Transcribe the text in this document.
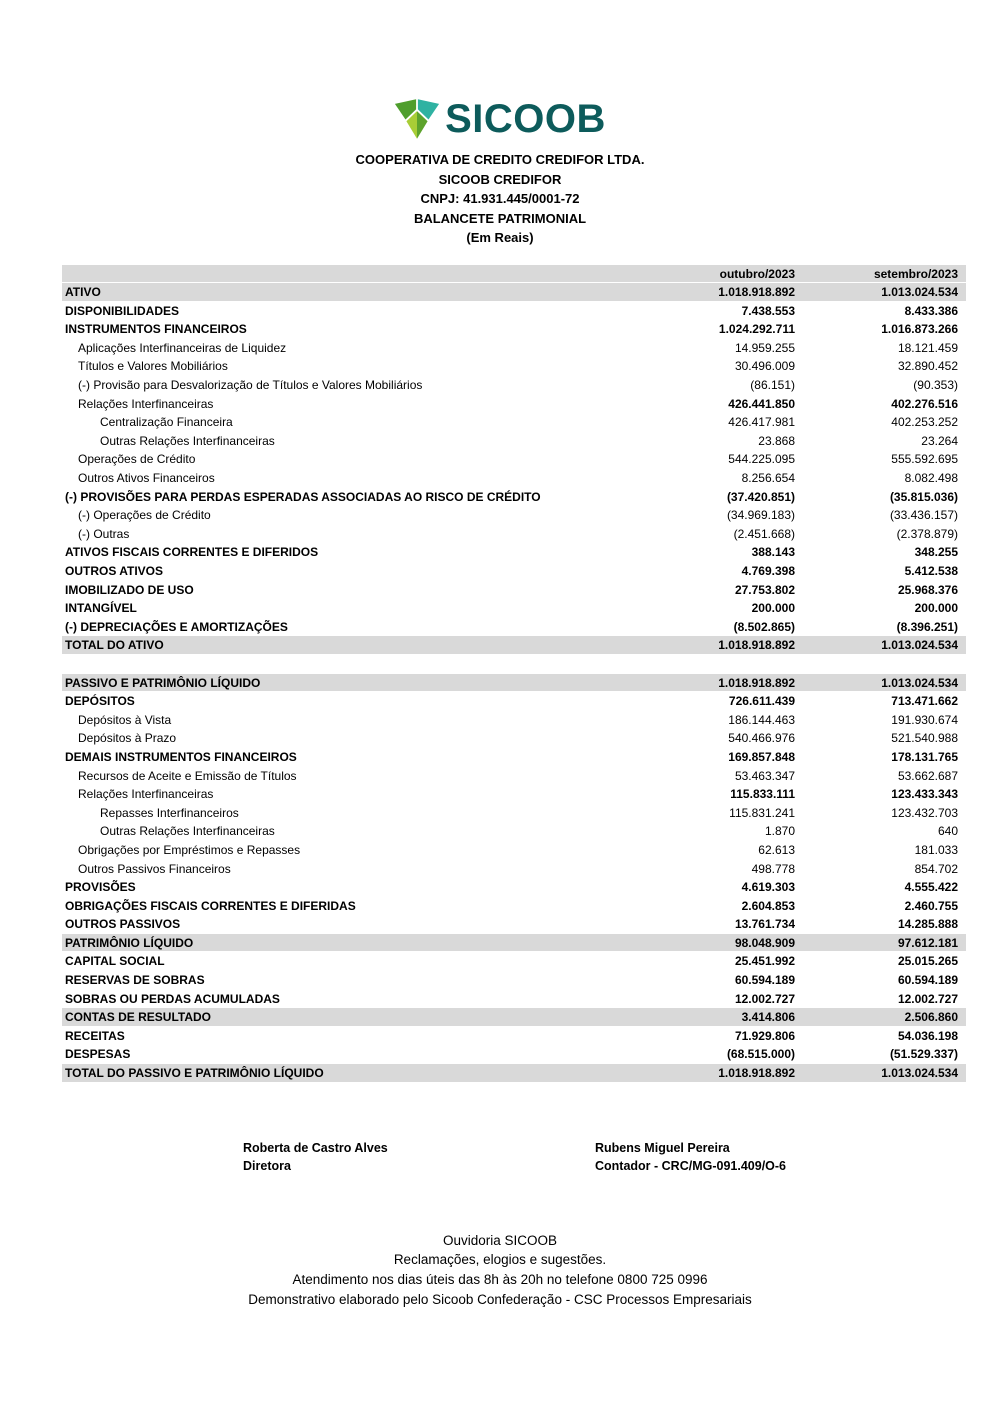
SICOOB
COOPERATIVA DE CREDITO CREDIFOR LTDA.
SICOOB CREDIFOR
CNPJ: 41.931.445/0001-72
BALANCETE PATRIMONIAL
(Em Reais)
outubro/2023	setembro/2023
ATIVO	1.018.918.892	1.013.024.534
DISPONIBILIDADES	7.438.553	8.433.386
INSTRUMENTOS FINANCEIROS	1.024.292.711	1.016.873.266
Aplicações Interfinanceiras de Liquidez	14.959.255	18.121.459
Títulos e Valores Mobiliários	30.496.009	32.890.452
(-) Provisão para Desvalorização de Títulos e Valores Mobiliários	(86.151)	(90.353)
Relações Interfinanceiras	426.441.850	402.276.516
Centralização Financeira	426.417.981	402.253.252
Outras Relações Interfinanceiras	23.868	23.264
Operações de Crédito	544.225.095	555.592.695
Outros Ativos Financeiros	8.256.654	8.082.498
(-) PROVISÕES PARA PERDAS ESPERADAS ASSOCIADAS AO RISCO DE CRÉDITO	(37.420.851)	(35.815.036)
(-) Operações de Crédito	(34.969.183)	(33.436.157)
(-) Outras	(2.451.668)	(2.378.879)
ATIVOS FISCAIS CORRENTES E DIFERIDOS	388.143	348.255
OUTROS ATIVOS	4.769.398	5.412.538
IMOBILIZADO DE USO	27.753.802	25.968.376
INTANGÍVEL	200.000	200.000
(-) DEPRECIAÇÕES E AMORTIZAÇÕES	(8.502.865)	(8.396.251)
TOTAL DO ATIVO	1.018.918.892	1.013.024.534
PASSIVO E PATRIMÔNIO LÍQUIDO	1.018.918.892	1.013.024.534
DEPÓSITOS	726.611.439	713.471.662
Depósitos à Vista	186.144.463	191.930.674
Depósitos à Prazo	540.466.976	521.540.988
DEMAIS INSTRUMENTOS FINANCEIROS	169.857.848	178.131.765
Recursos de Aceite e Emissão de Títulos	53.463.347	53.662.687
Relações Interfinanceiras	115.833.111	123.433.343
Repasses Interfinanceiros	115.831.241	123.432.703
Outras Relações Interfinanceiras	1.870	640
Obrigações por Empréstimos e Repasses	62.613	181.033
Outros Passivos Financeiros	498.778	854.702
PROVISÕES	4.619.303	4.555.422
OBRIGAÇÕES FISCAIS CORRENTES E DIFERIDAS	2.604.853	2.460.755
OUTROS PASSIVOS	13.761.734	14.285.888
PATRIMÔNIO LÍQUIDO	98.048.909	97.612.181
CAPITAL SOCIAL	25.451.992	25.015.265
RESERVAS DE SOBRAS	60.594.189	60.594.189
SOBRAS OU PERDAS ACUMULADAS	12.002.727	12.002.727
CONTAS DE RESULTADO	3.414.806	2.506.860
RECEITAS	71.929.806	54.036.198
DESPESAS	(68.515.000)	(51.529.337)
TOTAL DO PASSIVO E PATRIMÔNIO LÍQUIDO	1.018.918.892	1.013.024.534
Roberta de Castro Alves
Diretora
Rubens Miguel Pereira
Contador - CRC/MG-091.409/O-6
Ouvidoria SICOOB
Reclamações, elogios e sugestões.
Atendimento nos dias úteis das 8h às 20h no telefone 0800 725 0996
Demonstrativo elaborado pelo Sicoob Confederação - CSC Processos Empresariais
